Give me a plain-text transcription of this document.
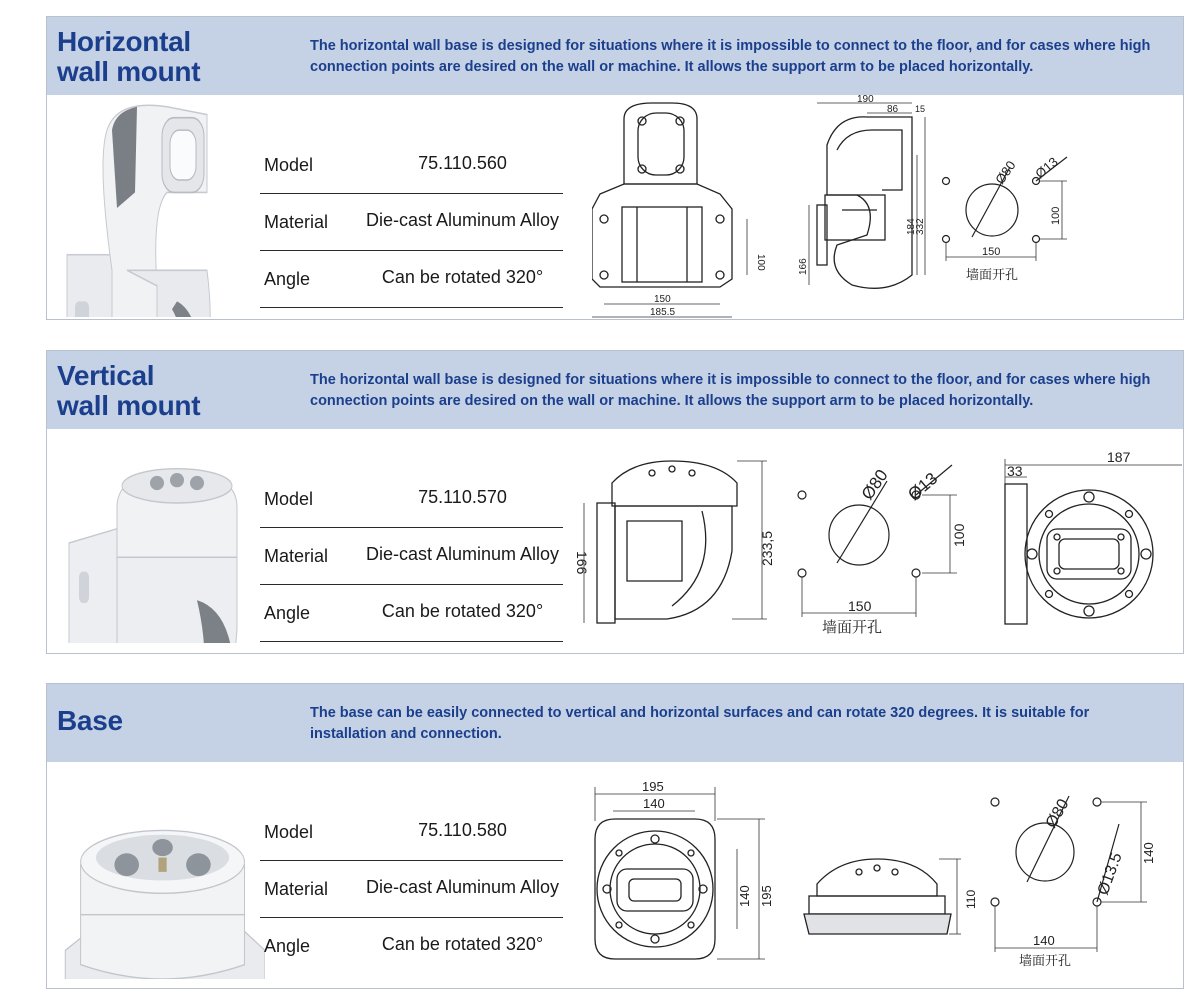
Horizontal
wall mount
The horizontal wall base is designed for situations where it is impossible to connect to the floor, and for cases where high connection points are desired on the wall or machine. It allows the support arm to be placed horizontally.
Model	75.110.560
Material	Die-cast Aluminum Alloy
Angle	Can be rotated 320°
150
185.5
100
190
86 15
184
332
166
Ø80 Ø13
100
150
墙面开孔
Vertical
wall mount
The horizontal wall base is designed for situations where it is impossible to connect to the floor, and for cases where high connection points are desired on the wall or machine. It allows the support arm to be placed horizontally.
Model	75.110.570
Material	Die-cast Aluminum Alloy
Angle	Can be rotated 320°
166	233,5
Ø80 Ø13
100
150
墙面开孔
187
33
Base	The base can be easily connected to vertical and horizontal surfaces and can rotate 320 degrees. It is suitable for installation and connection.
Model	75.110.580
Material	Die-cast Aluminum Alloy
Angle	Can be rotated 320°
195
140
140 195	110
Ø80
Ø13.5 140
140
墙面开孔
